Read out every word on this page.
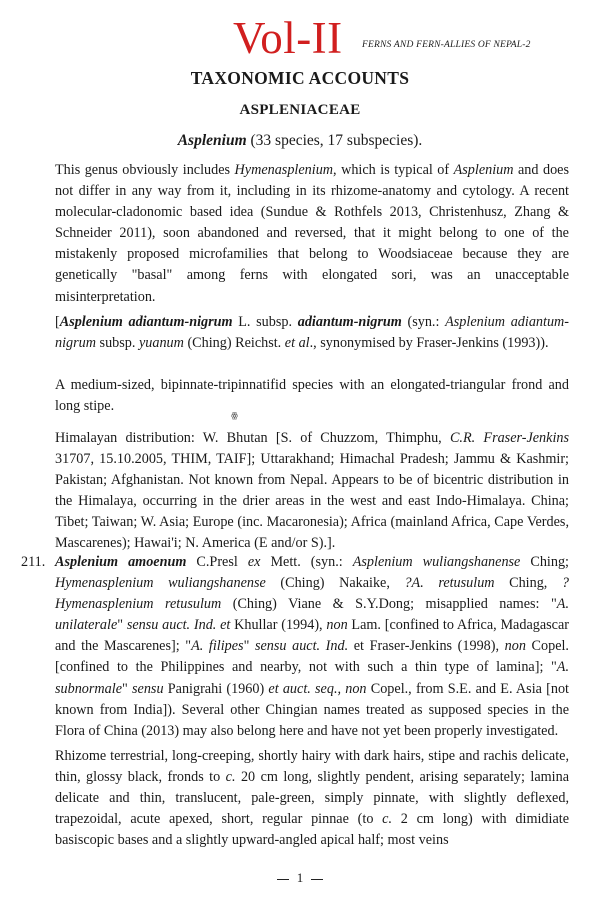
Vol-II FERNS AND FERN-ALLIES OF NEPAL-2
TAXONOMIC ACCOUNTS
ASPLENIACEAE
Asplenium (33 species, 17 subspecies).
This genus obviously includes Hymenasplenium, which is typical of Asplenium and does not differ in any way from it, including in its rhizome-anatomy and cytology. A recent molecular-cladonomic based idea (Sundue & Rothfels 2013, Christenhusz, Zhang & Schneider 2011), soon abandoned and reversed, that it might belong to one of the mistakenly proposed microfamilies that belong to Woodsiaceae because they are genetically "basal" among ferns with elongated sori, was an unacceptable misinterpretation.
[Asplenium adiantum-nigrum L. subsp. adiantum-nigrum (syn.: Asplenium adiantum-nigrum subsp. yuanum (Ching) Reichst. et al., synonymised by Fraser-Jenkins (1993)).
A medium-sized, bipinnate-tripinnatifid species with an elongated-triangular frond and long stipe.
ꙮ
Himalayan distribution: W. Bhutan [S. of Chuzzom, Thimphu, C.R. Fraser-Jenkins 31707, 15.10.2005, THIM, TAIF]; Uttarakhand; Himachal Pradesh; Jammu & Kashmir; Pakistan; Afghanistan. Not known from Nepal. Appears to be of bicentric distribution in the Himalaya, occurring in the drier areas in the west and east Indo-Himalaya. China; Tibet; Taiwan; W. Asia; Europe (inc. Macaronesia); Africa (mainland Africa, Cape Verdes, Mascarenes); Hawai'i; N. America (E and/or S).].
211. Asplenium amoenum C.Presl ex Mett. (syn.: Asplenium wuliangshanense Ching; Hymenasplenium wuliangshanense (Ching) Nakaike, ?A. retusulum Ching, ?Hymenasplenium retusulum (Ching) Viane & S.Y.Dong; misapplied names: "A. unilaterale" sensu auct. Ind. et Khullar (1994), non Lam. [confined to Africa, Madagascar and the Mascarenes]; "A. filipes" sensu auct. Ind. et Fraser-Jenkins (1998), non Copel. [confined to the Philippines and nearby, not with such a thin type of lamina]; "A. subnormale" sensu Panigrahi (1960) et auct. seq., non Copel., from S.E. and E. Asia [not known from India]). Several other Chingian names treated as supposed species in the Flora of China (2013) may also belong here and have not yet been properly investigated.
Rhizome terrestrial, long-creeping, shortly hairy with dark hairs, stipe and rachis delicate, thin, glossy black, fronds to c. 20 cm long, slightly pendent, arising separately; lamina delicate and thin, translucent, pale-green, simply pinnate, with slightly deflexed, trapezoidal, acute apexed, short, regular pinnae (to c. 2 cm long) with dimidiate basiscopic bases and a slightly upward-angled apical half; most veins
1
